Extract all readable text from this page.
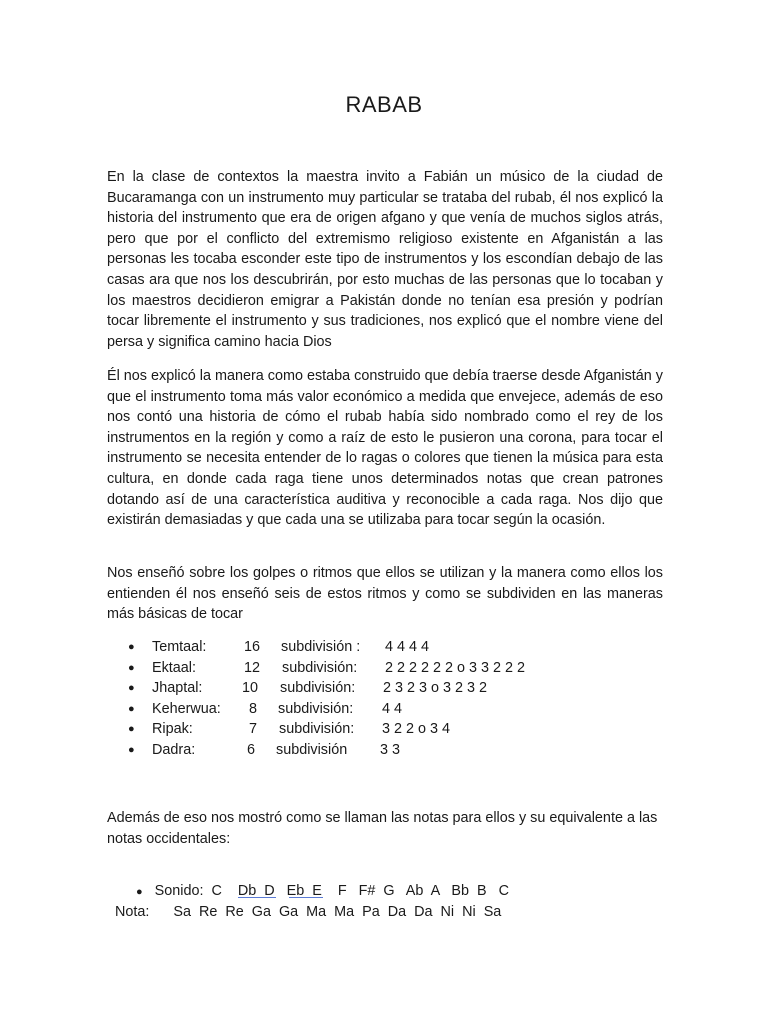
RABAB

En la clase de contextos la maestra invito a Fabián un músico de la ciudad de Bucaramanga con un instrumento muy particular se trataba del rubab, él nos explicó la historia del instrumento que era de origen afgano y que venía de muchos siglos atrás, pero que por el conflicto del extremismo religioso existente en Afganistán a las personas les tocaba esconder este tipo de instrumentos y los escondían debajo de las casas ara que nos los descubrirán, por esto muchas de las personas que lo tocaban y los maestros decidieron emigrar a Pakistán donde no tenían esa presión y podrían tocar libremente el instrumento y sus tradiciones, nos explicó que el nombre viene del persa y significa camino hacia Dios

Él nos explicó la manera como estaba construido que debía traerse desde Afganistán y que el instrumento toma más valor económico a medida que envejece, además de eso nos contó una historia de cómo el rubab había sido nombrado como el rey de los instrumentos en la región y como a raíz de esto le pusieron una corona, para tocar el instrumento se necesita entender de lo ragas o colores que tienen la música para esta cultura, en donde cada raga tiene unos determinados notas que crean patrones dotando así de una característica auditiva y reconocible a cada raga. Nos dijo que existirán demasiadas y que cada una se utilizaba para tocar según la ocasión.

Nos enseñó sobre los golpes o ritmos que ellos se utilizan y la manera como ellos los entienden él nos enseñó seis de estos ritmos y como se subdividen en las maneras más básicas de tocar

● Temtaal:	16 subdivisión : 4 4 4 4
● Ektaal:	12 subdivisión: 2 2 2 2 2 2 o 3 3 2 2 2
● Jhaptal:	10 subdivisión: 2 3 2 3 o 3 2 3 2
● Keherwua: 8 subdivisión: 4 4
● Ripak:	7 subdivisión: 3 2 2 o 3 4
● Dadra:	6 subdivisión 3 3

Además de eso nos mostró como se llaman las notas para ellos y su equivalente a las notas occidentales:

● Sonido: C    Db  D   Eb  E    F   F#  G   Ab  A   Bb  B   C

Nota: Sa  Re  Re  Ga  Ga  Ma  Ma  Pa  Da  Da  Ni  Ni  Sa
